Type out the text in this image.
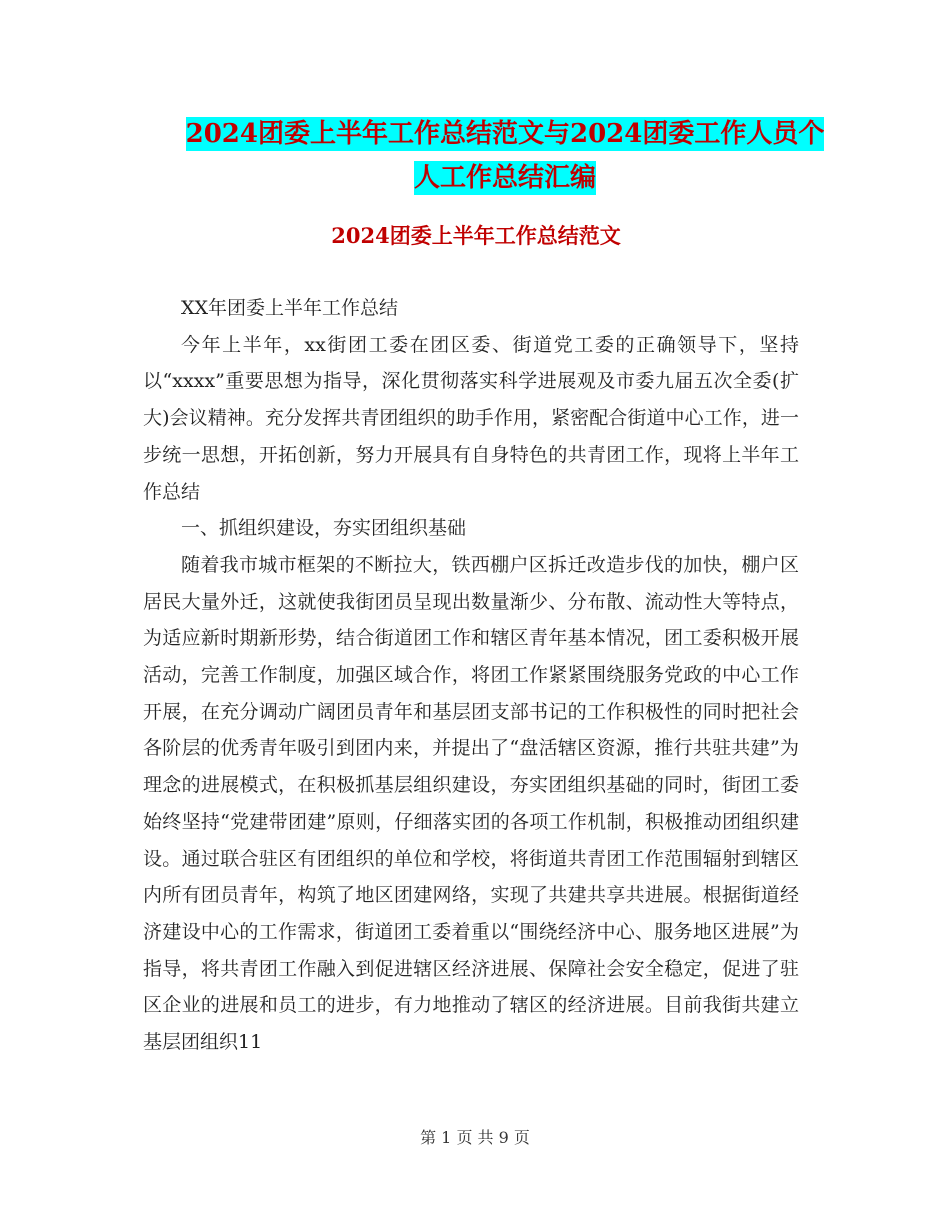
2024团委上半年工作总结范文与2024团委工作人员个
人工作总结汇编
2024团委上半年工作总结范文

XX年团委上半年工作总结

今年上半年，xx街团工委在团区委、街道党工委的正确领导下，坚持以“xxxx”重要思想为指导，深化贯彻落实科学进展观及市委九届五次全委(扩大)会议精神。充分发挥共青团组织的助手作用，紧密配合街道中心工作，进一步统一思想，开拓创新，努力开展具有自身特色的共青团工作，现将上半年工作总结

一、抓组织建设，夯实团组织基础

随着我市城市框架的不断拉大，铁西棚户区拆迁改造步伐的加快，棚户区居民大量外迁，这就使我街团员呈现出数量渐少、分布散、流动性大等特点，为适应新时期新形势，结合街道团工作和辖区青年基本情况，团工委积极开展活动，完善工作制度，加强区域合作，将团工作紧紧围绕服务党政的中心工作开展，在充分调动广阔团员青年和基层团支部书记的工作积极性的同时把社会各阶层的优秀青年吸引到团内来，并提出了“盘活辖区资源，推行共驻共建”为理念的进展模式，在积极抓基层组织建设，夯实团组织基础的同时，街团工委始终坚持“党建带团建”原则，仔细落实团的各项工作机制，积极推动团组织建设。通过联合驻区有团组织的单位和学校，将街道共青团工作范围辐射到辖区内所有团员青年，构筑了地区团建网络，实现了共建共享共进展。根据街道经济建设中心的工作需求，街道团工委着重以“围绕经济中心、服务地区进展”为指导，将共青团工作融入到促进辖区经济进展、保障社会安全稳定，促进了驻区企业的进展和员工的进步，有力地推动了辖区的经济进展。目前我街共建立基层团组织11

第 1 页 共 9 页
